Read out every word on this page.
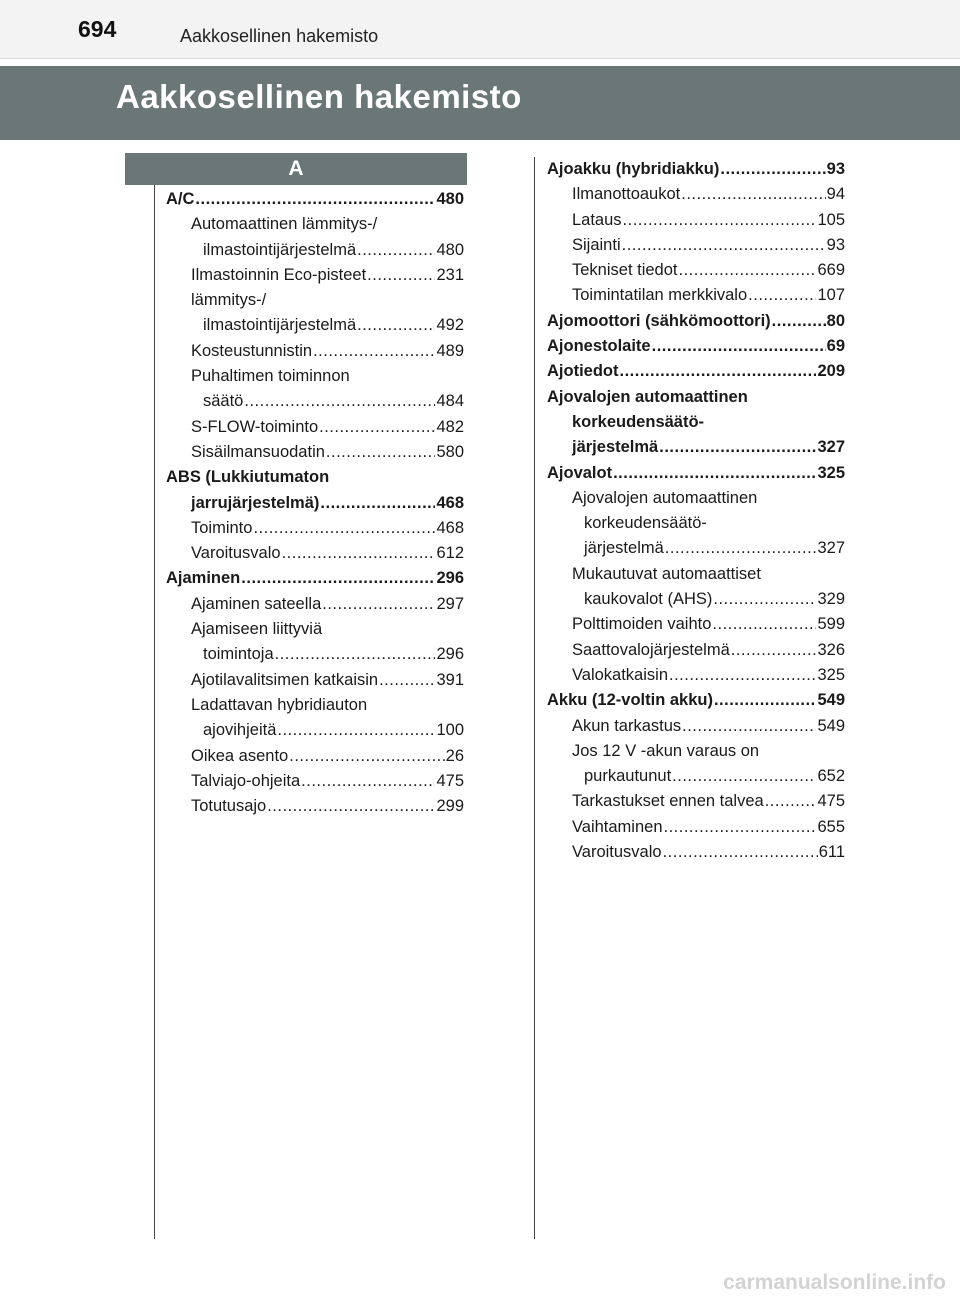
694	Aakkosellinen hakemisto
Aakkosellinen hakemisto
A
A/C .....	480
Automaattinen lämmitys-/
ilmastointijärjestelmä .....	480
Ilmastoinnin Eco-pisteet .....	231
lämmitys-/
ilmastointijärjestelmä .....	492
Kosteustunnistin .....	489
Puhaltimen toiminnon
säätö .....	484
S-FLOW-toiminto .....	482
Sisäilmansuodatin .....	580
ABS (Lukkiutumaton
jarrujärjestelmä) .....	468
Toiminto .....	468
Varoitusvalo .....	612
Ajaminen .....	296
Ajaminen sateella .....	297
Ajamiseen liittyviä
toimintoja .....	296
Ajotilavalitsimen katkaisin .....	391
Ladattavan hybridiauton
ajovihjeitä .....	100
Oikea asento .....	26
Talviajo-ohjeita .....	475
Totutusajo .....	299
Ajoakku (hybridiakku) .....	93
Ilmanottoaukot .....	94
Lataus .....	105
Sijainti .....	93
Tekniset tiedot .....	669
Toimintatilan merkkivalo .....	107
Ajomoottori (sähkömoottori) .....	80
Ajonestolaite .....	69
Ajotiedot .....	209
Ajovalojen automaattinen
korkeudensäätö-
järjestelmä .....	327
Ajovalot .....	325
Ajovalojen automaattinen
korkeudensäätö-
järjestelmä .....	327
Mukautuvat automaattiset
kaukovalot (AHS) .....	329
Polttimoiden vaihto .....	599
Saattovalojärjestelmä .....	326
Valokatkaisin .....	325
Akku (12-voltin akku) .....	549
Akun tarkastus .....	549
Jos 12 V -akun varaus on
purkautunut .....	652
Tarkastukset ennen talvea .....	475
Vaihtaminen .....	655
Varoitusvalo .....	611
carmanualsonline.info
